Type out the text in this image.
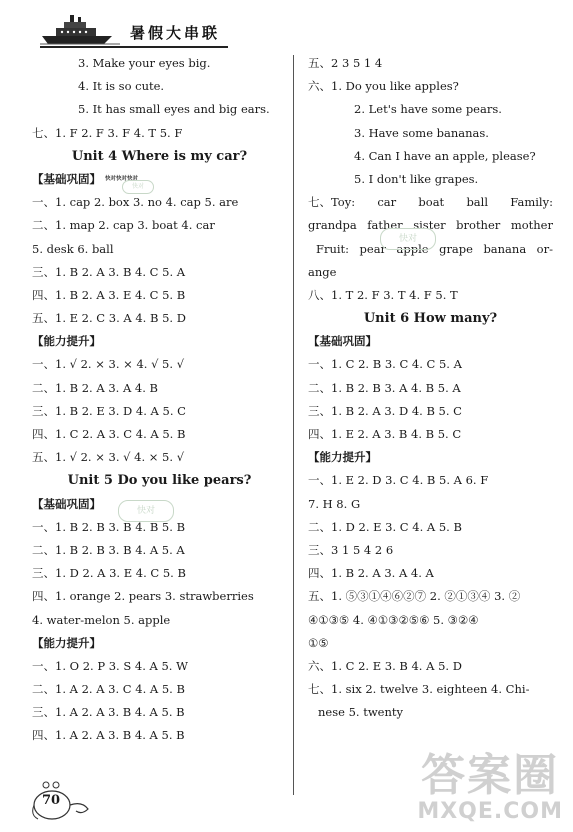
暑假大串联
3. Make your eyes big.
4. It is so cute.
5. It has small eyes and big ears.
七、1. F 2. F 3. F 4. T 5. F
Unit 4 Where is my car?
【基础巩固】 快对快对快对
一、1. cap 2. box 3. no 4. cap 5. are
二、1. map 2. cap 3. boat 4. car
5. desk 6. ball
三、1. B 2. A 3. B 4. C 5. A
四、1. B 2. A 3. E 4. C 5. B
五、1. E 2. C 3. A 4. B 5. D
【能力提升】
一、1. √ 2. × 3. × 4. √ 5. √
二、1. B 2. A 3. A 4. B
三、1. B 2. E 3. D 4. A 5. C
四、1. C 2. A 3. C 4. A 5. B
五、1. √ 2. × 3. √ 4. × 5. √
Unit 5 Do you like pears?
【基础巩固】
一、1. B 2. B 3. B 4. B 5. B
二、1. B 2. B 3. B 4. A 5. A
三、1. D 2. A 3. E 4. C 5. B
四、1. orange 2. pears 3. strawberries
4. water-melon 5. apple
【能力提升】
一、1. O 2. P 3. S 4. A 5. W
二、1. A 2. A 3. C 4. A 5. B
三、1. A 2. A 3. B 4. A 5. B
四、1. A 2. A 3. B 4. A 5. B
五、2 3 5 1 4
六、1. Do you like apples?
2. Let's have some pears.
3. Have some bananas.
4. Can I have an apple, please?
5. I don't like grapes.
七、Toy: car boat ball Family:
grandpa father sister brother mother
Fruit: pear apple grape banana or-
ange
八、1. T 2. F 3. T 4. F 5. T
Unit 6 How many?
【基础巩固】
一、1. C 2. B 3. C 4. C 5. A
二、1. B 2. B 3. A 4. B 5. A
三、1. B 2. A 3. D 4. B 5. C
四、1. E 2. A 3. B 4. B 5. C
【能力提升】
一、1. E 2. D 3. C 4. B 5. A 6. F
7. H 8. G
二、1. D 2. E 3. C 4. A 5. B
三、3 1 5 4 2 6
四、1. B 2. A 3. A 4. A
五、1. ⑤③①④⑥②⑦ 2. ②①③④ 3. ②
④①③⑤ 4. ④①③②⑤⑥ 5. ③②④
①⑤
六、1. C 2. E 3. B 4. A 5. D
七、1. six 2. twelve 3. eighteen 4. Chi-
nese 5. twenty
快对
快对
快对
70	答案圈
MXQE.COM
